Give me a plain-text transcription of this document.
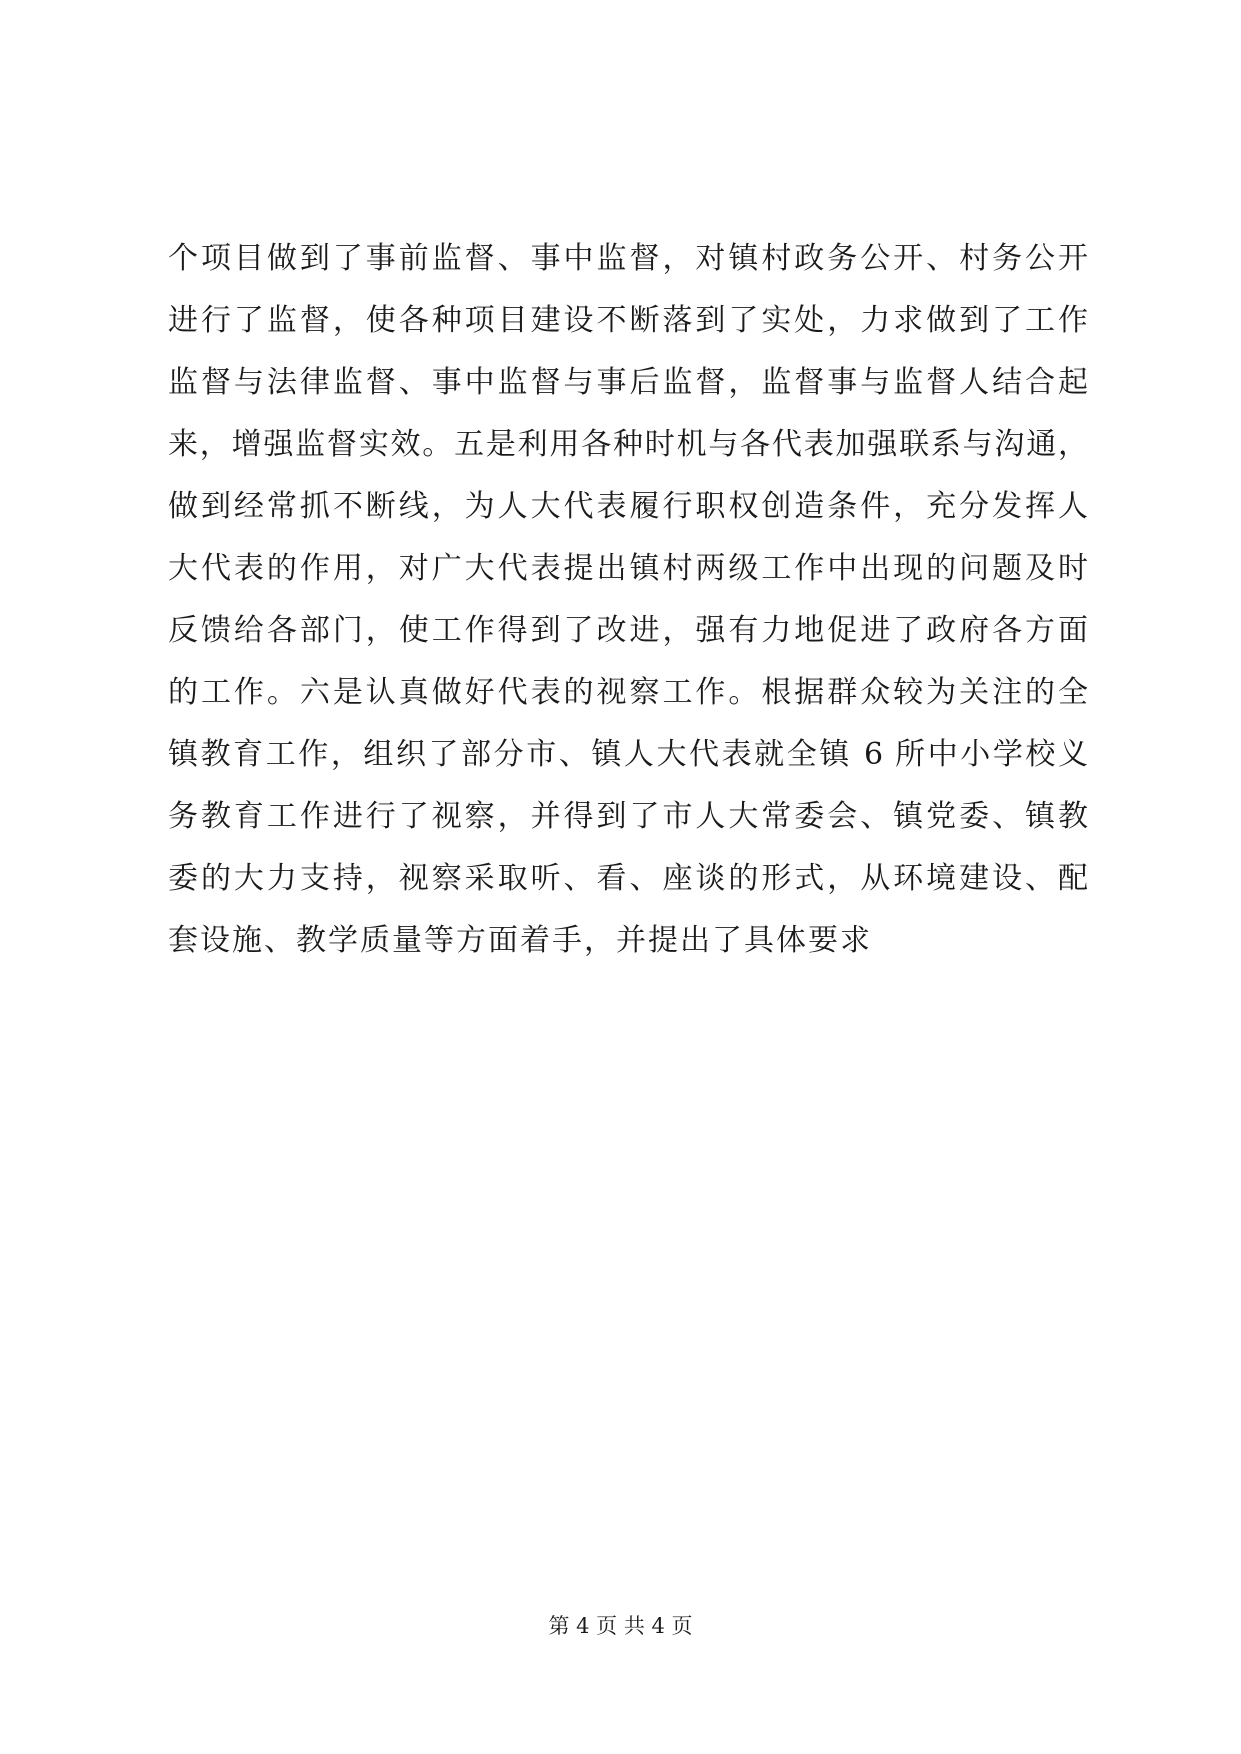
个项目做到了事前监督、事中监督，对镇村政务公开、村务公开
进行了监督，使各种项目建设不断落到了实处，力求做到了工作
监督与法律监督、事中监督与事后监督，监督事与监督人结合起
来，增强监督实效。五是利用各种时机与各代表加强联系与沟通，
做到经常抓不断线，为人大代表履行职权创造条件，充分发挥人
大代表的作用，对广大代表提出镇村两级工作中出现的问题及时
反馈给各部门，使工作得到了改进，强有力地促进了政府各方面
的工作。六是认真做好代表的视察工作。根据群众较为关注的全
镇教育工作，组织了部分市、镇人大代表就全镇 6 所中小学校义
务教育工作进行了视察，并得到了市人大常委会、镇党委、镇教
委的大力支持，视察采取听、看、座谈的形式，从环境建设、配
套设施、教学质量等方面着手，并提出了具体要求
第 4 页 共 4 页
